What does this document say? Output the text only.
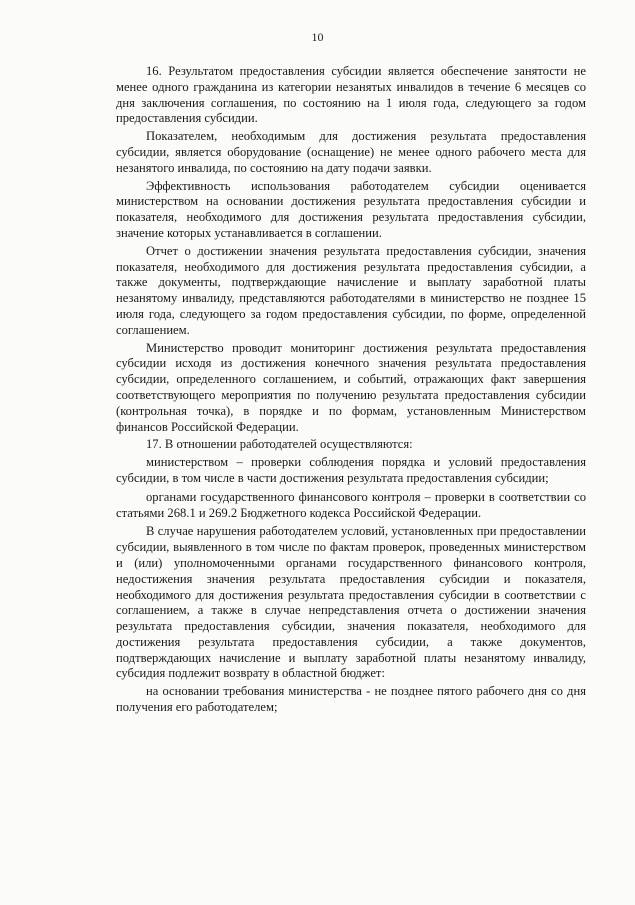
10

16. Результатом предоставления субсидии является обеспечение занятости не менее одного гражданина из категории незанятых инвалидов в течение 6 месяцев со дня заключения соглашения, по состоянию на 1 июля года, следующего за годом предоставления субсидии.

Показателем, необходимым для достижения результата предоставления субсидии, является оборудование (оснащение) не менее одного рабочего места для незанятого инвалида, по состоянию на дату подачи заявки.

Эффективность использования работодателем субсидии оценивается министерством на основании достижения результата предоставления субсидии и показателя, необходимого для достижения результата предоставления субсидии, значение которых устанавливается в соглашении.

Отчет о достижении значения результата предоставления субсидии, значения показателя, необходимого для достижения результата предоставления субсидии, а также документы, подтверждающие начисление и выплату заработной платы незанятому инвалиду, представляются работодателями в министерство не позднее 15 июля года, следующего за годом предоставления субсидии, по форме, определенной соглашением.

Министерство проводит мониторинг достижения результата предоставления субсидии исходя из достижения конечного значения результата предоставления субсидии, определенного соглашением, и событий, отражающих факт завершения соответствующего мероприятия по получению результата предоставления субсидии (контрольная точка), в порядке и по формам, установленным Министерством финансов Российской Федерации.

17. В отношении работодателей осуществляются:

министерством – проверки соблюдения порядка и условий предоставления субсидии, в том числе в части достижения результата предоставления субсидии;

органами государственного финансового контроля – проверки в соответствии со статьями 268.1 и 269.2 Бюджетного кодекса Российской Федерации.

В случае нарушения работодателем условий, установленных при предоставлении субсидии, выявленного в том числе по фактам проверок, проведенных министерством и (или) уполномоченными органами государственного финансового контроля, недостижения значения результата предоставления субсидии и показателя, необходимого для достижения результата предоставления субсидии в соответствии с соглашением, а также в случае непредставления отчета о достижении значения результата предоставления субсидии, значения показателя, необходимого для достижения результата предоставления субсидии, а также документов, подтверждающих начисление и выплату заработной платы незанятому инвалиду, субсидия подлежит возврату в областной бюджет:

на основании требования министерства - не позднее пятого рабочего дня со дня получения его работодателем;
